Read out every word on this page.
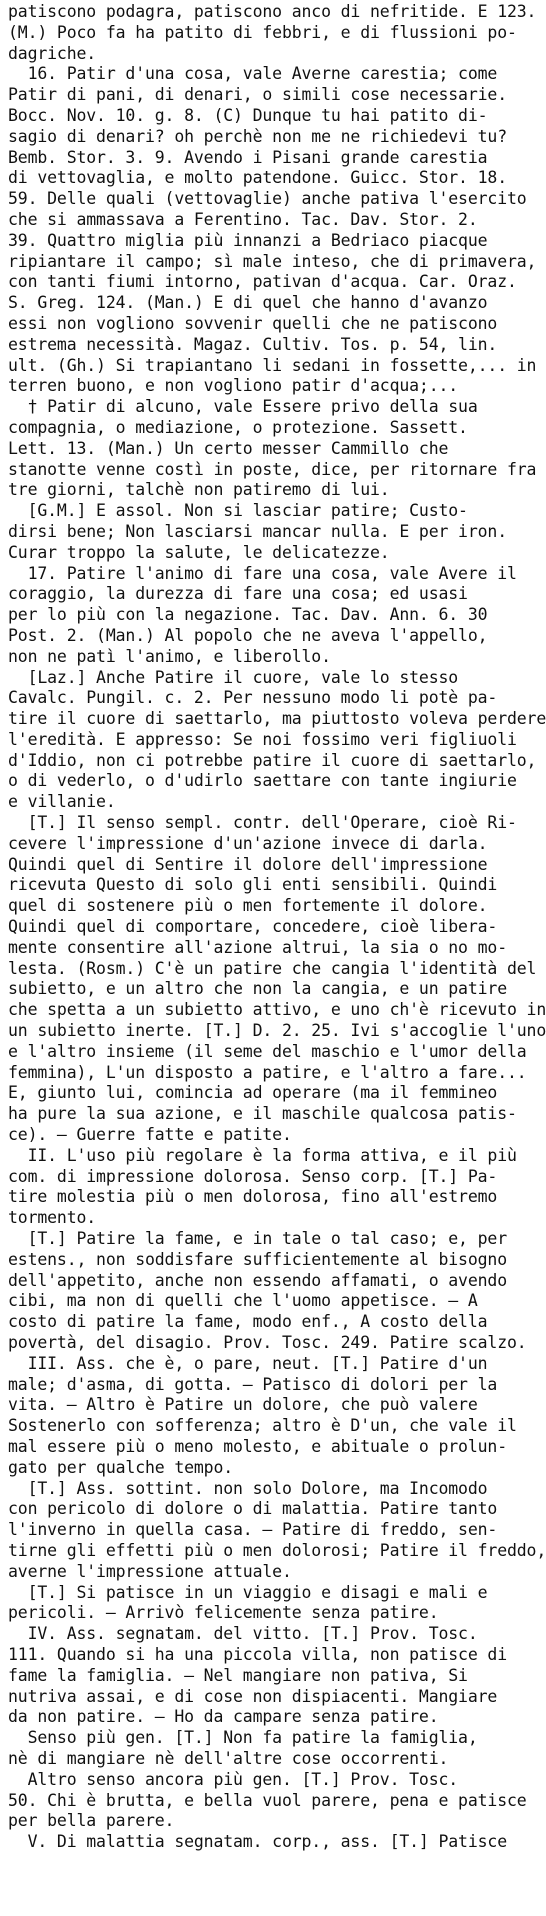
patiscono podagra, patiscono anco di nefritide. E 123.
(M.) Poco fa ha patito di febbri, e di flussioni po-
dagriche.
16. Patir d'una cosa, vale Averne carestia; come
Patir di pani, di denari, o simili cose necessarie.
Bocc. Nov. 10. g. 8. (C) Dunque tu hai patito di-
sagio di denari? oh perchè non me ne richiedevi tu?
Bemb. Stor. 3. 9. Avendo i Pisani grande carestia
di vettovaglia, e molto patendone. Guicc. Stor. 18.
59. Delle quali (vettovaglie) anche pativa l'esercito
che si ammassava a Ferentino. Tac. Dav. Stor. 2.
39. Quattro miglia più innanzi a Bedriaco piacque
ripiantare il campo; sì male inteso, che di primavera,
con tanti fiumi intorno, pativan d'acqua. Car. Oraz.
S. Greg. 124. (Man.) E di quel che hanno d'avanzo
essi non vogliono sovvenir quelli che ne patiscono
estrema necessità. Magaz. Cultiv. Tos. p. 54, lin.
ult. (Gh.) Si trapiantano li sedani in fossette,... in
terren buono, e non vogliono patir d'acqua;...
† Patir di alcuno, vale Essere privo della sua
compagnia, o mediazione, o protezione. Sassett.
Lett. 13. (Man.) Un certo messer Cammillo che
stanotte venne costì in poste, dice, per ritornare fra
tre giorni, talchè non patiremo di lui.
[G.M.] E assol. Non si lasciar patire; Custo-
dirsi bene; Non lasciarsi mancar nulla. E per iron.
Curar troppo la salute, le delicatezze.
17. Patire l'animo di fare una cosa, vale Avere il
coraggio, la durezza di fare una cosa; ed usasi
per lo più con la negazione. Tac. Dav. Ann. 6. 30
Post. 2. (Man.) Al popolo che ne aveva l'appello,
non ne patì l'animo, e liberollo.
[Laz.] Anche Patire il cuore, vale lo stesso
Cavalc. Pungil. c. 2. Per nessuno modo li potè pa-
tire il cuore di saettarlo, ma piuttosto voleva perdere
l'eredità. E appresso: Se noi fossimo veri figliuoli
d'Iddio, non ci potrebbe patire il cuore di saettarlo,
o di vederlo, o d'udirlo saettare con tante ingiurie
e villanie.
[T.] Il senso sempl. contr. dell'Operare, cioè Ri-
cevere l'impressione d'un'azione invece di darla.
Quindi quel di Sentire il dolore dell'impressione
ricevuta Questo di solo gli enti sensibili. Quindi
quel di sostenere più o men fortemente il dolore.
Quindi quel di comportare, concedere, cioè libera-
mente consentire all'azione altrui, la sia o no mo-
lesta. (Rosm.) C'è un patire che cangia l'identità del
subietto, e un altro che non la cangia, e un patire
che spetta a un subietto attivo, e uno ch'è ricevuto in
un subietto inerte. [T.] D. 2. 25. Ivi s'accoglie l'uno
e l'altro insieme (il seme del maschio e l'umor della
femmina), L'un disposto a patire, e l'altro a fare...
E, giunto lui, comincia ad operare (ma il femmineo
ha pure la sua azione, e il maschile qualcosa patis-
ce). — Guerre fatte e patite.
II. L'uso più regolare è la forma attiva, e il più
com. di impressione dolorosa. Senso corp. [T.] Pa-
tire molestia più o men dolorosa, fino all'estremo
tormento.
[T.] Patire la fame, e in tale o tal caso; e, per
estens., non soddisfare sufficientemente al bisogno
dell'appetito, anche non essendo affamati, o avendo
cibi, ma non di quelli che l'uomo appetisce. — A
costo di patire la fame, modo enf., A costo della
povertà, del disagio. Prov. Tosc. 249. Patire scalzo.
III. Ass. che è, o pare, neut. [T.] Patire d'un
male; d'asma, di gotta. — Patisco di dolori per la
vita. — Altro è Patire un dolore, che può valere
Sostenerlo con sofferenza; altro è D'un, che vale il
mal essere più o meno molesto, e abituale o prolun-
gato per qualche tempo.
[T.] Ass. sottint. non solo Dolore, ma Incomodo
con pericolo di dolore o di malattia. Patire tanto
l'inverno in quella casa. — Patire di freddo, sen-
tirne gli effetti più o men dolorosi; Patire il freddo,
averne l'impressione attuale.
[T.] Si patisce in un viaggio e disagi e mali e
pericoli. — Arrivò felicemente senza patire.
IV. Ass. segnatam. del vitto. [T.] Prov. Tosc.
111. Quando si ha una piccola villa, non patisce di
fame la famiglia. — Nel mangiare non pativa, Si
nutriva assai, e di cose non dispiacenti. Mangiare
da non patire. — Ho da campare senza patire.
Senso più gen. [T.] Non fa patire la famiglia,
nè di mangiare nè dell'altre cose occorrenti.
Altro senso ancora più gen. [T.] Prov. Tosc.
50. Chi è brutta, e bella vuol parere, pena e patisce
per bella parere.
V. Di malattia segnatam. corp., ass. [T.] Patisce
